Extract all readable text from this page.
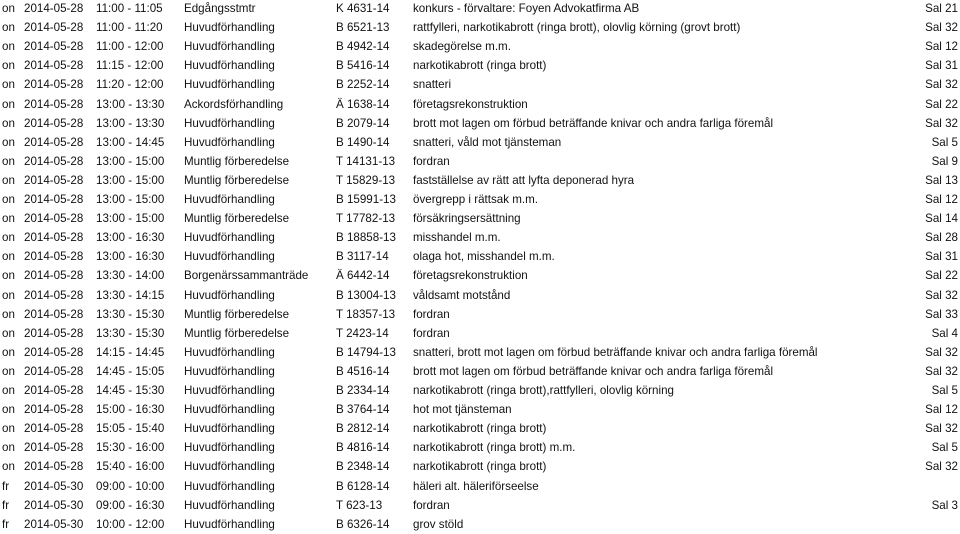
on 2014-05-28 11:00 - 11:05 Edgångsstmtr	K 4631-14 konkurs - förvaltare: Foyen Advokatfirma AB	Sal 21
on 2014-05-28 11:00 - 11:20 Huvudförhandling	B 6521-13 rattfylleri, narkotikabrott (ringa brott), olovlig körning (grovt brott)	Sal 32
on 2014-05-28 11:00 - 12:00 Huvudförhandling	B 4942-14 skadegörelse m.m.	Sal 12
on 2014-05-28 11:15 - 12:00 Huvudförhandling	B 5416-14 narkotikabrott (ringa brott)	Sal 31
on 2014-05-28 11:20 - 12:00 Huvudförhandling	B 2252-14 snatteri	Sal 32
on 2014-05-28 13:00 - 13:30 Ackordsförhandling	Ä 1638-14 företagsrekonstruktion	Sal 22
on 2014-05-28 13:00 - 13:30 Huvudförhandling	B 2079-14 brott mot lagen om förbud beträffande knivar och andra farliga föremål	Sal 32
on 2014-05-28 13:00 - 14:45 Huvudförhandling	B 1490-14 snatteri, våld mot tjänsteman	Sal 5
on 2014-05-28 13:00 - 15:00 Muntlig förberedelse	T 14131-13 fordran	Sal 9
on 2014-05-28 13:00 - 15:00 Muntlig förberedelse	T 15829-13 fastställelse av rätt att lyfta deponerad hyra	Sal 13
on 2014-05-28 13:00 - 15:00 Huvudförhandling	B 15991-13 övergrepp i rättsak m.m.	Sal 12
on 2014-05-28 13:00 - 15:00 Muntlig förberedelse	T 17782-13 försäkringsersättning	Sal 14
on 2014-05-28 13:00 - 16:30 Huvudförhandling	B 18858-13 misshandel m.m.	Sal 28
on 2014-05-28 13:00 - 16:30 Huvudförhandling	B 3117-14 olaga hot, misshandel m.m.	Sal 31
on 2014-05-28 13:30 - 14:00 Borgenärssammanträde Ä 6442-14 företagsrekonstruktion	Sal 22
on 2014-05-28 13:30 - 14:15 Huvudförhandling	B 13004-13 våldsamt motstånd	Sal 32
on 2014-05-28 13:30 - 15:30 Muntlig förberedelse	T 18357-13 fordran	Sal 33
on 2014-05-28 13:30 - 15:30 Muntlig förberedelse	T 2423-14 fordran	Sal 4
on 2014-05-28 14:15 - 14:45 Huvudförhandling	B 14794-13 snatteri, brott mot lagen om förbud beträffande knivar och andra farliga föremål	Sal 32
on 2014-05-28 14:45 - 15:05 Huvudförhandling	B 4516-14 brott mot lagen om förbud beträffande knivar och andra farliga föremål	Sal 32
on 2014-05-28 14:45 - 15:30 Huvudförhandling	B 2334-14 narkotikabrott (ringa brott),rattfylleri, olovlig körning	Sal 5
on 2014-05-28 15:00 - 16:30 Huvudförhandling	B 3764-14 hot mot tjänsteman	Sal 12
on 2014-05-28 15:05 - 15:40 Huvudförhandling	B 2812-14 narkotikabrott (ringa brott)	Sal 32
on 2014-05-28 15:30 - 16:00 Huvudförhandling	B 4816-14 narkotikabrott (ringa brott) m.m.	Sal 5
on 2014-05-28 15:40 - 16:00 Huvudförhandling	B 2348-14 narkotikabrott (ringa brott)	Sal 32
fr 2014-05-30 09:00 - 10:00 Huvudförhandling	B 6128-14 häleri alt. häleriförseelse
fr 2014-05-30 09:00 - 16:30 Huvudförhandling	T 623-13	fordran	Sal 3
fr 2014-05-30 10:00 - 12:00 Huvudförhandling	B 6326-14 grov stöld
